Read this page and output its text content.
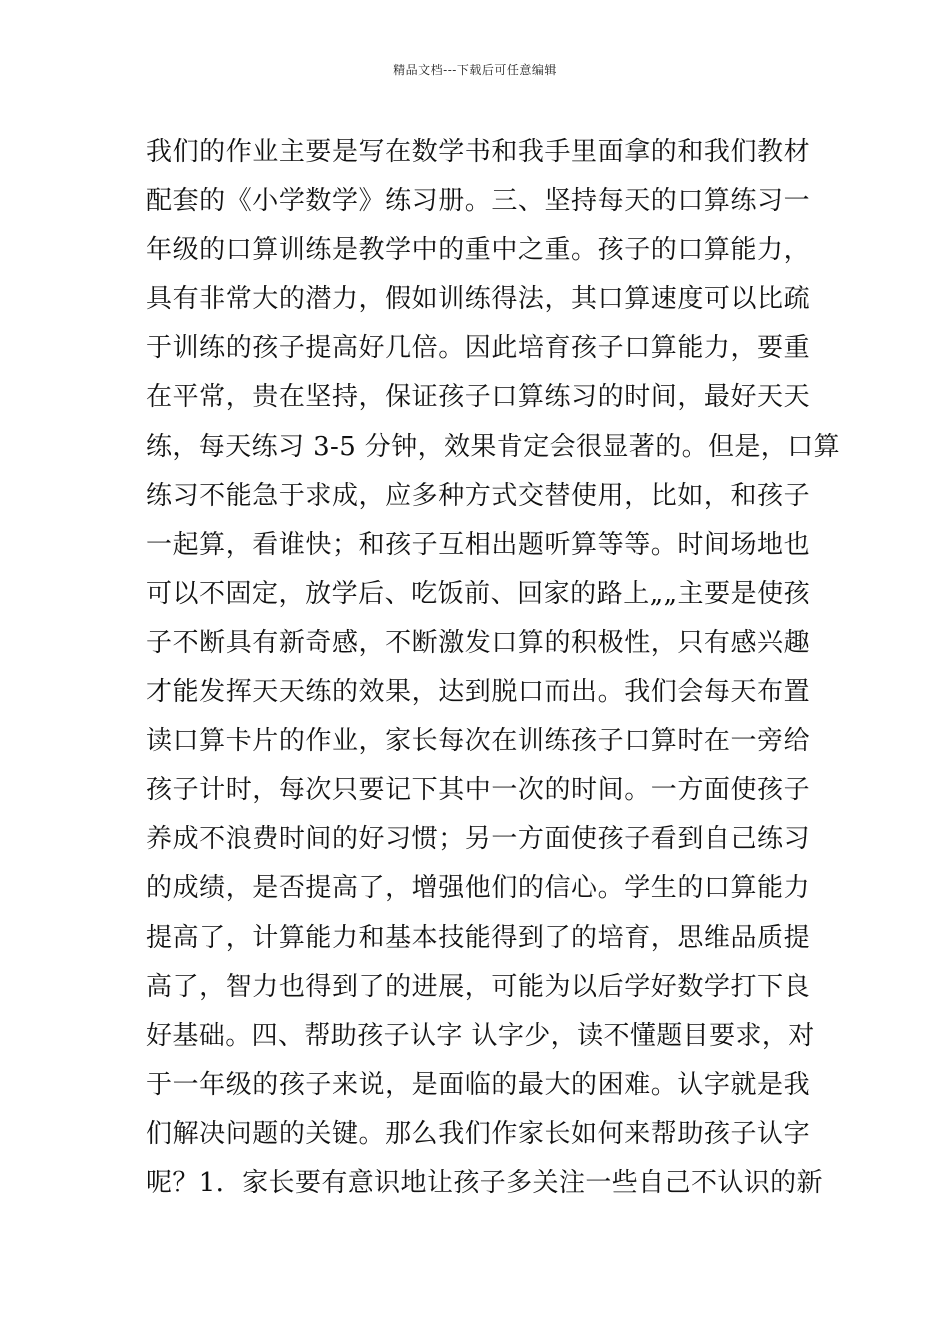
精品文档---下载后可任意编辑
我们的作业主要是写在数学书和我手里面拿的和我们教材
配套的《小学数学》练习册。三、坚持每天的口算练习一
年级的口算训练是教学中的重中之重。孩子的口算能力，
具有非常大的潜力，假如训练得法，其口算速度可以比疏
于训练的孩子提高好几倍。因此培育孩子口算能力，要重
在平常，贵在坚持，保证孩子口算练习的时间，最好天天
练，每天练习 3-5 分钟，效果肯定会很显著的。但是，口算
练习不能急于求成，应多种方式交替使用，比如，和孩子
一起算，看谁快；和孩子互相出题听算等等。时间场地也
可以不固定，放学后、吃饭前、回家的路上„„主要是使孩
子不断具有新奇感，不断激发口算的积极性，只有感兴趣
才能发挥天天练的效果，达到脱口而出。我们会每天布置
读口算卡片的作业，家长每次在训练孩子口算时在一旁给
孩子计时，每次只要记下其中一次的时间。一方面使孩子
养成不浪费时间的好习惯；另一方面使孩子看到自己练习
的成绩，是否提高了，增强他们的信心。学生的口算能力
提高了，计算能力和基本技能得到了的培育，思维品质提
高了，智力也得到了的进展，可能为以后学好数学打下良
好基础。四、帮助孩子认字 认字少，读不懂题目要求，对
于一年级的孩子来说，是面临的最大的困难。认字就是我
们解决问题的关键。那么我们作家长如何来帮助孩子认字
呢？1．家长要有意识地让孩子多关注一些自己不认识的新
